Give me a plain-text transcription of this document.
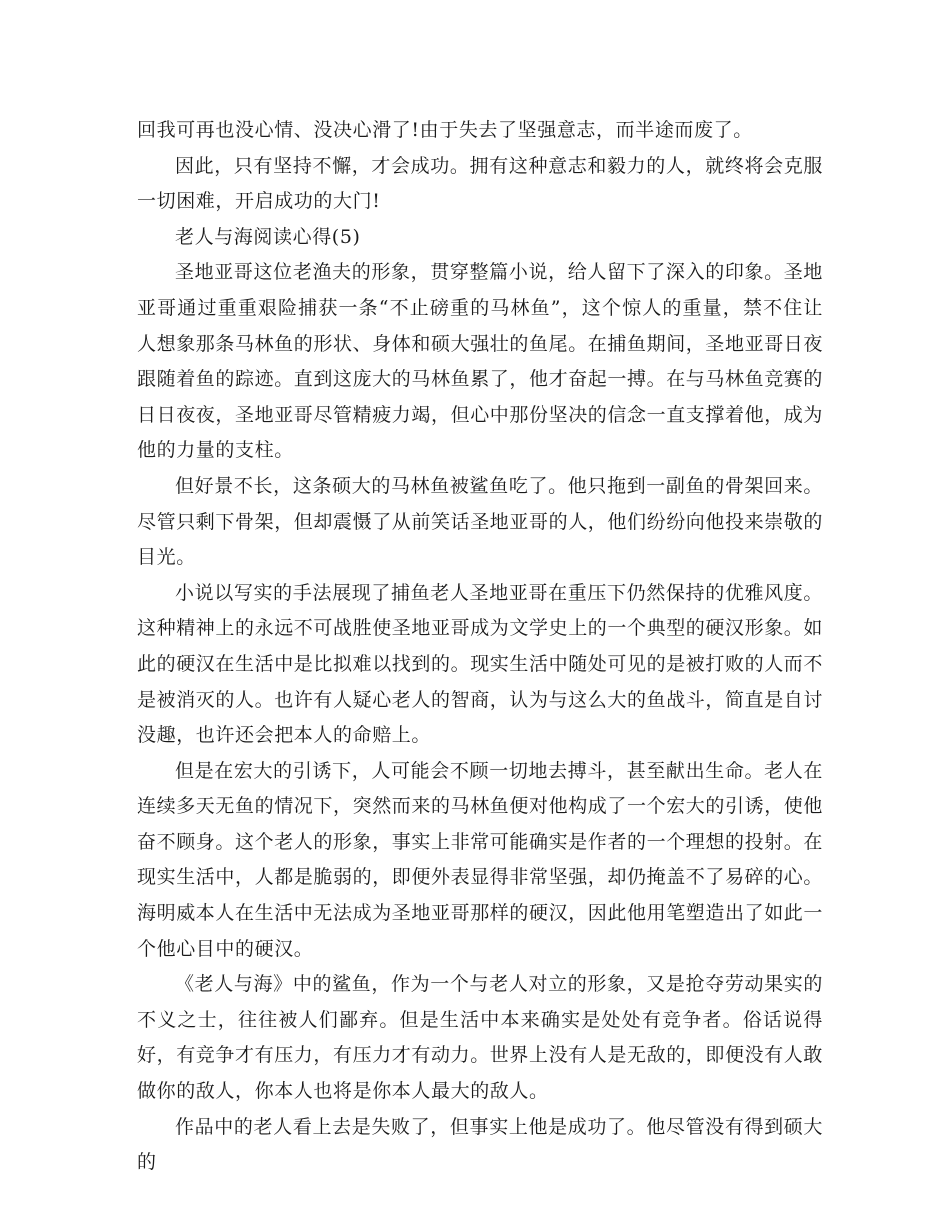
回我可再也没心情、没决心滑了!由于失去了坚强意志，而半途而废了。

因此，只有坚持不懈，才会成功。拥有这种意志和毅力的人，就终将会克服一切困难，开启成功的大门!

老人与海阅读心得(5)

圣地亚哥这位老渔夫的形象，贯穿整篇小说，给人留下了深入的印象。圣地亚哥通过重重艰险捕获一条“不止磅重的马林鱼”，这个惊人的重量，禁不住让人想象那条马林鱼的形状、身体和硕大强壮的鱼尾。在捕鱼期间，圣地亚哥日夜跟随着鱼的踪迹。直到这庞大的马林鱼累了，他才奋起一搏。在与马林鱼竞赛的日日夜夜，圣地亚哥尽管精疲力竭，但心中那份坚决的信念一直支撑着他，成为他的力量的支柱。

但好景不长，这条硕大的马林鱼被鲨鱼吃了。他只拖到一副鱼的骨架回来。尽管只剩下骨架，但却震慑了从前笑话圣地亚哥的人，他们纷纷向他投来崇敬的目光。

小说以写实的手法展现了捕鱼老人圣地亚哥在重压下仍然保持的优雅风度。这种精神上的永远不可战胜使圣地亚哥成为文学史上的一个典型的硬汉形象。如此的硬汉在生活中是比拟难以找到的。现实生活中随处可见的是被打败的人而不是被消灭的人。也许有人疑心老人的智商，认为与这么大的鱼战斗，简直是自讨没趣，也许还会把本人的命赔上。

但是在宏大的引诱下，人可能会不顾一切地去搏斗，甚至献出生命。老人在连续多天无鱼的情况下，突然而来的马林鱼便对他构成了一个宏大的引诱，使他奋不顾身。这个老人的形象，事实上非常可能确实是作者的一个理想的投射。在现实生活中，人都是脆弱的，即便外表显得非常坚强，却仍掩盖不了易碎的心。海明威本人在生活中无法成为圣地亚哥那样的硬汉，因此他用笔塑造出了如此一个他心目中的硬汉。

《老人与海》中的鲨鱼，作为一个与老人对立的形象，又是抢夺劳动果实的不义之士，往往被人们鄙弃。但是生活中本来确实是处处有竞争者。俗话说得好，有竞争才有压力，有压力才有动力。世界上没有人是无敌的，即便没有人敢做你的敌人，你本人也将是你本人最大的敌人。

作品中的老人看上去是失败了，但事实上他是成功了。他尽管没有得到硕大的
